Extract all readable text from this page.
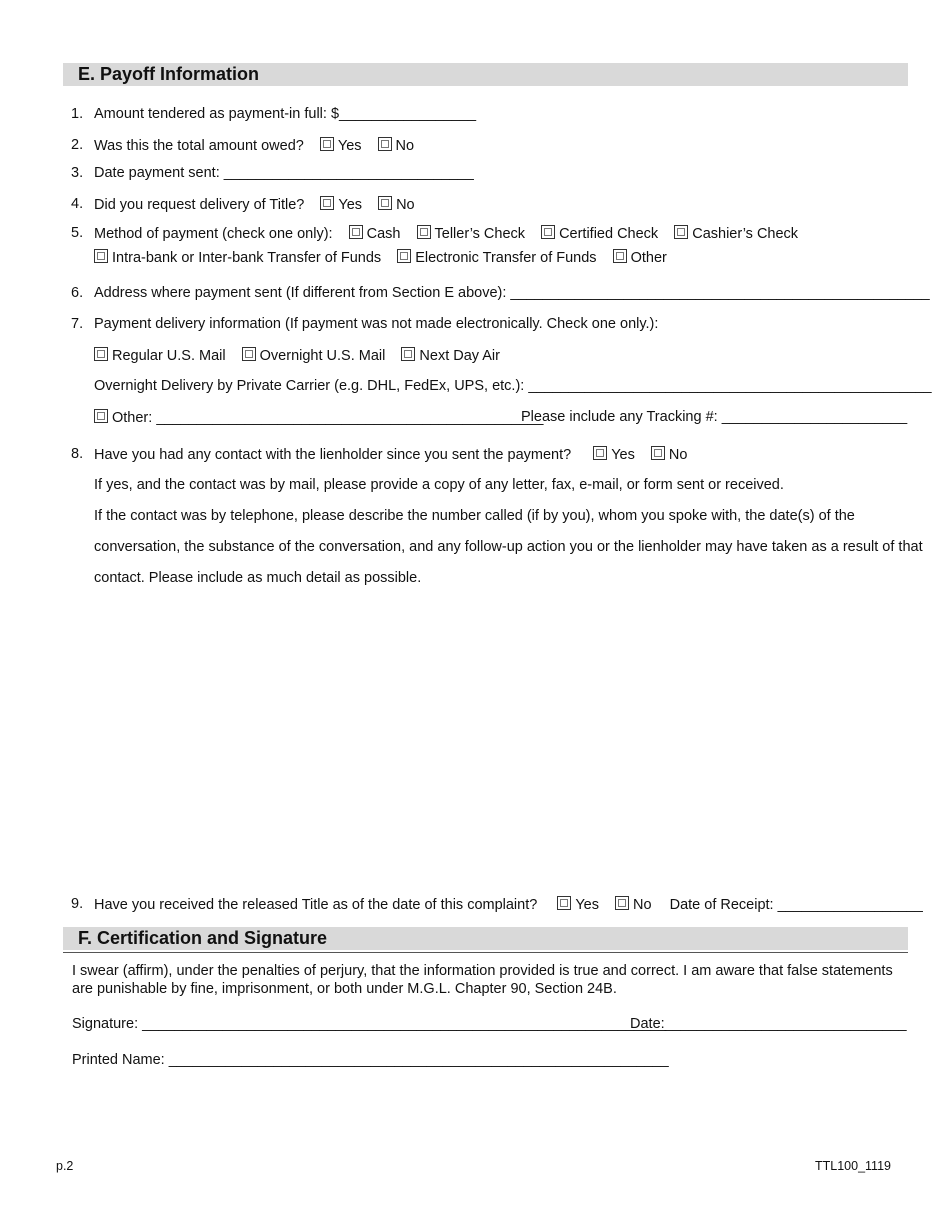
E. Payoff Information
1. Amount tendered as payment-in full: $_________________
2. Was this the total amount owed? Yes No
3. Date payment sent: _______________________________
4. Did you request delivery of Title? Yes No
5. Method of payment (check one only): Cash Teller’s Check Certified Check Cashier’s Check
Intra-bank or Inter-bank Transfer of Funds Electronic Transfer of Funds Other
6. Address where payment sent (If different from Section E above): ____________________________________________________
7. Payment delivery information (If payment was not made electronically. Check one only.):
Regular U.S. Mail Overnight U.S. Mail Next Day Air
Overnight Delivery by Private Carrier (e.g. DHL, FedEx, UPS, etc.): __________________________________________________
Other: ________________________________________________
Please include any Tracking #: _______________________
8. Have you had any contact with the lienholder since you sent the payment?	Yes No
If yes, and the contact was by mail, please provide a copy of any letter, fax, e-mail, or form sent or received.
If the contact was by telephone, please describe the number called (if by you), whom you spoke with, the date(s) of the
conversation, the substance of the conversation, and any follow-up action you or the lienholder may have taken as a result of that
contact. Please include as much detail as possible.
9. Have you received the released Title as of the date of this complaint?	Yes No Date of Receipt: __________________
F. Certification and Signature
I swear (affirm), under the penalties of perjury, that the information provided is true and correct. I am aware that false statements are punishable by fine, imprisonment, or both under M.G.L. Chapter 90, Section 24B.
Signature: _________________________________________________________________
Date:______________________________
Printed Name: ______________________________________________________________
p.2	TTL100_1119
